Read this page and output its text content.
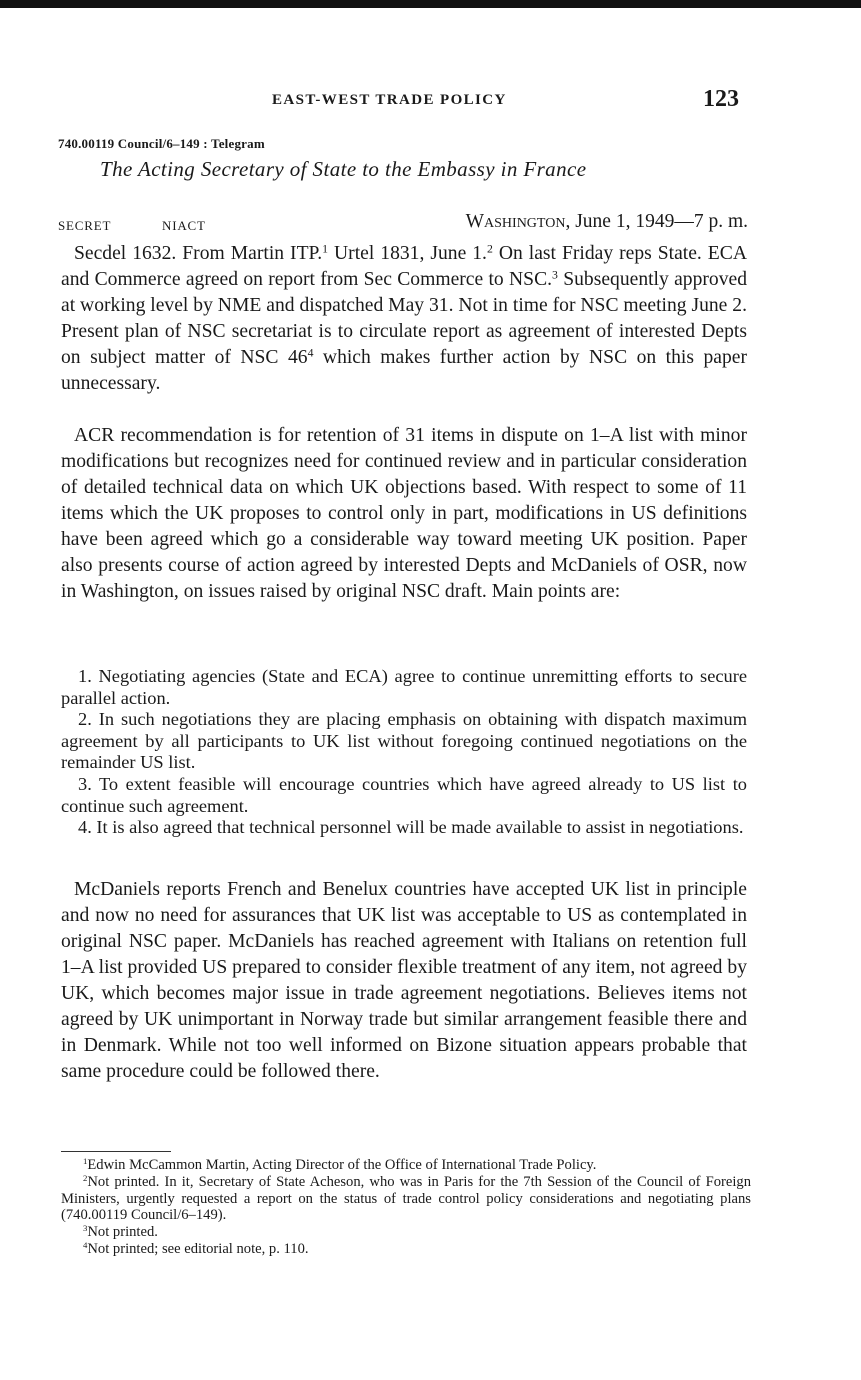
EAST-WEST TRADE POLICY	123
740.00119 Council/6–149 : Telegram
The Acting Secretary of State to the Embassy in France
SECRET	NIACT	Washington, June 1, 1949—7 p. m.

Secdel 1632. From Martin ITP.$^1$ Urtel 1831, June 1.$^2$ On last Friday reps State. ECA and Commerce agreed on report from Sec Commerce to NSC.$^3$ Subsequently approved at working level by NME and dispatched May 31. Not in time for NSC meeting June 2. Present plan of NSC secretariat is to circulate report as agreement of interested Depts on subject matter of NSC $46^4$ which makes further action by NSC on this paper unnecessary.

ACR recommendation is for retention of 31 items in dispute on 1–A list with minor modifications but recognizes need for continued review and in particular consideration of detailed technical data on which UK objections based. With respect to some of 11 items which the UK proposes to control only in part, modifications in US definitions have been agreed which go a considerable way toward meeting UK position. Paper also presents course of action agreed by interested Depts and McDaniels of OSR, now in Washington, on issues raised by original NSC draft. Main points are:

1. Negotiating agencies (State and ECA) agree to continue unremitting efforts to secure parallel action.

2. In such negotiations they are placing emphasis on obtaining with dispatch maximum agreement by all participants to UK list without foregoing continued negotiations on the remainder US list.

3. To extent feasible will encourage countries which have agreed already to US list to continue such agreement.

4. It is also agreed that technical personnel will be made available to assist in negotiations.

McDaniels reports French and Benelux countries have accepted UK list in principle and now no need for assurances that UK list was acceptable to US as contemplated in original NSC paper. McDaniels has reached agreement with Italians on retention full 1–A list provided US prepared to consider flexible treatment of any item, not agreed by UK, which becomes major issue in trade agreement negotiations. Believes items not agreed by UK unimportant in Norway trade but similar arrangement feasible there and in Denmark. While not too well informed on Bizone situation appears probable that same procedure could be followed there.

$^1$Edwin McCammon Martin, Acting Director of the Office of International Trade Policy.

$^2$Not printed. In it, Secretary of State Acheson, who was in Paris for the 7th Session of the Council of Foreign Ministers, urgently requested a report on the status of trade control policy considerations and negotiating plans (740.00119 Council/6–149).

$^3$Not printed.

$^4$Not printed; see editorial note, p. 110.
